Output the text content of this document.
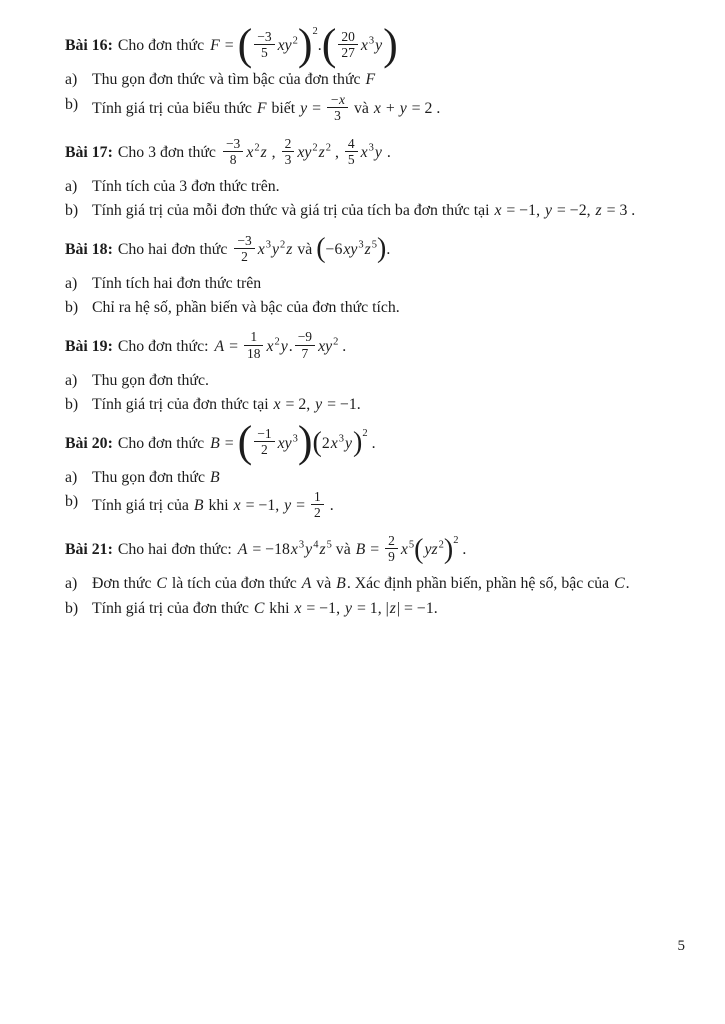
Bài 16: Cho đơn thức F = ( $\frac{-3}{5} xy^2)^2.( \frac{20}{27} x^3y)$
a) Thu gọn đơn thức và tìm bậc của đơn thức F
b) Tính giá trị của biểu thức F biết $y = \frac{-x}{3}$ và x + y = 2 .
Bài 17: Cho 3 đơn thức $\frac{-3}{8} x^2z$ , $\frac{2}{3} xy^2z^2$ , $\frac{4}{5} x^3y$ .
a) Tính tích của 3 đơn thức trên.
b) Tính giá trị của mỗi đơn thức và giá trị của tích ba đơn thức tại x = −1, y = −2, z = 3 .
Bài 18: Cho hai đơn thức $\frac{-3}{2} x^3y^2z$ và $(-6xy^3z^5)$.
a) Tính tích hai đơn thức trên
b) Chỉ ra hệ số, phần biến và bậc của đơn thức tích.
Bài 19: Cho đơn thức: $A = \frac{1}{18} x^2y$. $\frac{-9}{7} xy^2$ .
a) Thu gọn đơn thức.
b) Tính giá trị của đơn thức tại x = 2, y = −1.
Bài 20: Cho đơn thức B = ( $\frac{-1}{2} xy^3)(2x^3y)^2$ .
a) Thu gọn đơn thức B
b) Tính giá trị của B khi x = −1, $y = \frac{1}{2}$ .
Bài 21: Cho hai đơn thức: $A = -18x^3y^4z^5$ và $B = \frac{2}{9} x^5(yz^2)^2$ .
a) Đơn thức C là tích của đơn thức A và B. Xác định phần biến, phần hệ số, bậc của C.
b) Tính giá trị của đơn thức C khi x = −1, y = 1, |z| = −1.
5
